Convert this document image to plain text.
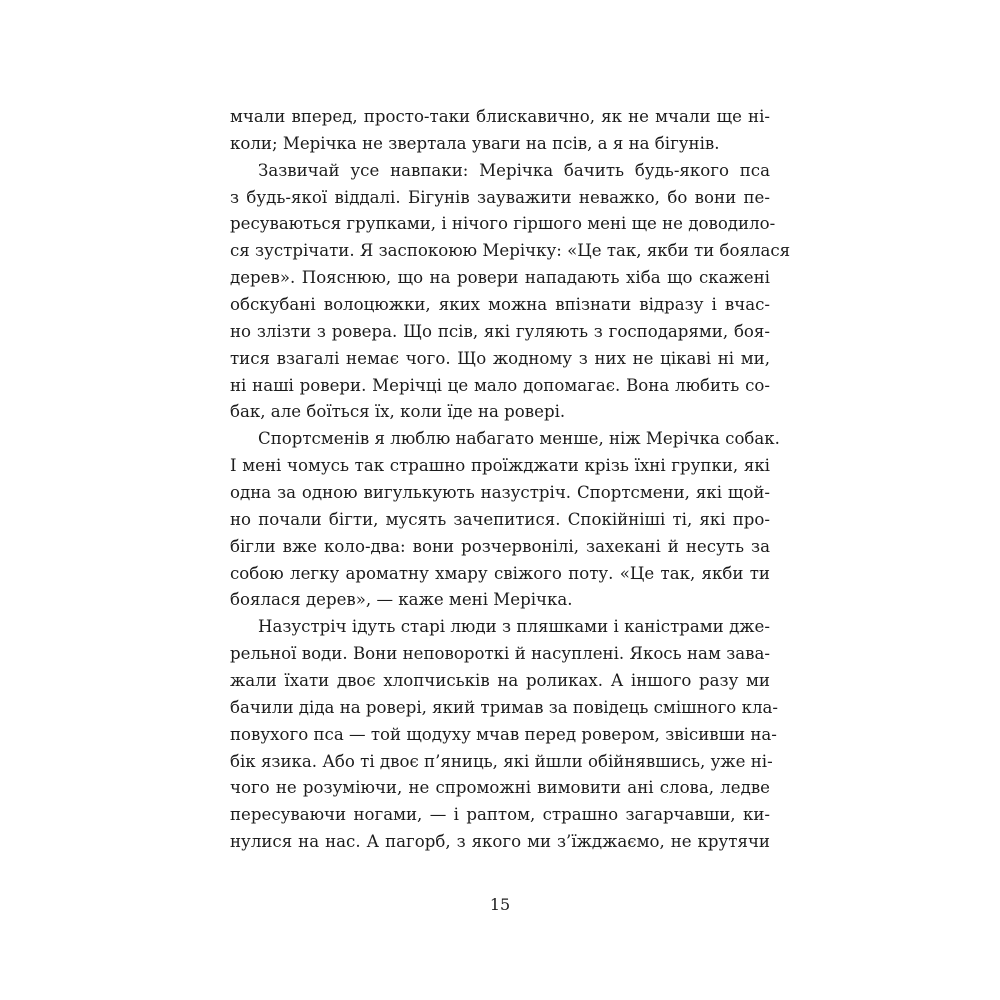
мчали вперед, просто-таки блискавично, як не мчали ще ні-
коли; Мерічка не звертала уваги на псів, а я на бігунів.
Зазвичай усе навпаки: Мерічка бачить будь-якого пса
з будь-якої віддалі. Бігунів зауважити неважко, бо вони пе-
ресуваються групками, і нічого гіршого мені ще не доводило-
ся зустрічати. Я заспокоюю Мерічку: «Це так, якби ти боялася
дерев». Пояснюю, що на ровери нападають хіба що скажені
обскубані волоцюжки, яких можна впізнати відразу і вчас-
но злізти з ровера. Що псів, які гуляють з господарями, боя-
тися взагалі немає чого. Що жодному з них не цікаві ні ми,
ні наші ровери. Мерічці це мало допомагає. Вона любить со-
бак, але боїться їх, коли їде на ровері.
Спортсменів я люблю набагато менше, ніж Мерічка собак.
І мені чомусь так страшно проїжджати крізь їхні групки, які
одна за одною вигулькують назустріч. Спортсмени, які щой-
но почали бігти, мусять зачепитися. Спокійніші ті, які про-
бігли вже коло-два: вони розчервонілі, захекані й несуть за
собою легку ароматну хмару свіжого поту. «Це так, якби ти
боялася дерев», — каже мені Мерічка.
Назустріч ідуть старі люди з пляшками і каністрами дже-
рельної води. Вони неповороткі й насуплені. Якось нам зава-
жали їхати двоє хлопчиськів на роликах. А іншого разу ми
бачили діда на ровері, який тримав за повідець смішного кла-
повухого пса — той щодуху мчав перед ровером, звісивши на-
бік язика. Або ті двоє п’яниць, які йшли обійнявшись, уже ні-
чого не розуміючи, не спроможні вимовити ані слова, ледве
пересуваючи ногами, — і раптом, страшно загарчавши, ки-
нулися на нас. А пагорб, з якого ми з’їжджаємо, не крутячи
15
